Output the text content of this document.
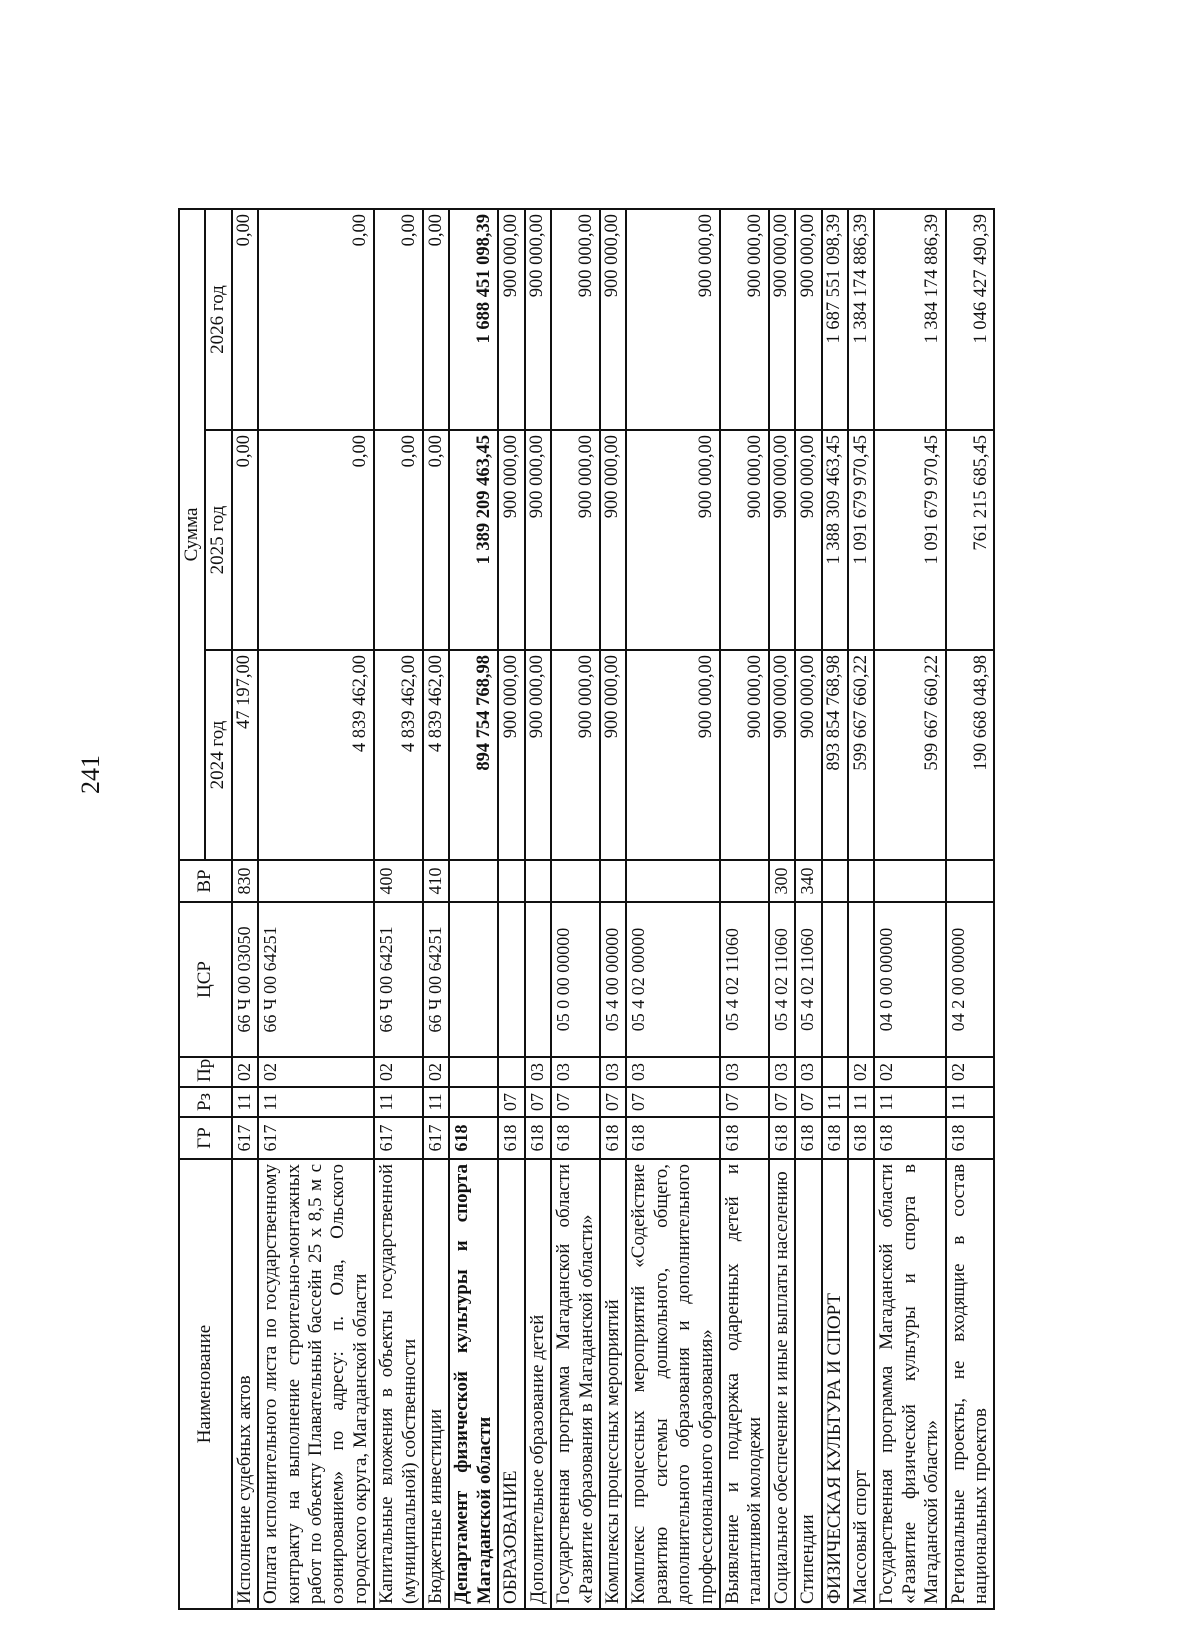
241
Наименование	ГР	Рз	Пр	ЦСР	ВР	Сумма		
						2024 год	2025 год	2026 год
Исполнение судебных актов	617	11	02	66 Ч 00 03050	830	47 197,00	0,00	0,00
Оплата исполнительного листа по государственному контракту на выполнение строительно-монтажных работ по объекту Плавательный бассейн 25 х 8,5 м с озонированием» по адресу: п. Ола, Ольского городского округа, Магаданской области	617	11	02	66 Ч 00 64251		4 839 462,00	0,00	0,00
Капитальные вложения в объекты государственной (муниципальной) собственности	617	11	02	66 Ч 00 64251	400	4 839 462,00	0,00	0,00
Бюджетные инвестиции	617	11	02	66 Ч 00 64251	410	4 839 462,00	0,00	0,00
Департамент физической культуры и спорта Магаданской области	618					894 754 768,98	1 389 209 463,45	1 688 451 098,39
ОБРАЗОВАНИЕ	618	07				900 000,00	900 000,00	900 000,00
Дополнительное образование детей	618	07	03			900 000,00	900 000,00	900 000,00
Государственная программа Магаданской области «Развитие образования в Магаданской области»	618	07	03	05 0 00 00000		900 000,00	900 000,00	900 000,00
Комплексы процессных мероприятий	618	07	03	05 4 00 00000		900 000,00	900 000,00	900 000,00
Комплекс процессных мероприятий «Содействие развитию системы дошкольного, общего, дополнительного образования и дополнительного профессионального образования»	618	07	03	05 4 02 00000		900 000,00	900 000,00	900 000,00
Выявление и поддержка одаренных детей и талантливой молодежи	618	07	03	05 4 02 11060		900 000,00	900 000,00	900 000,00
Социальное обеспечение и иные выплаты населению	618	07	03	05 4 02 11060	300	900 000,00	900 000,00	900 000,00
Стипендии	618	07	03	05 4 02 11060	340	900 000,00	900 000,00	900 000,00
ФИЗИЧЕСКАЯ КУЛЬТУРА И СПОРТ	618	11				893 854 768,98	1 388 309 463,45	1 687 551 098,39
Массовый спорт	618	11	02			599 667 660,22	1 091 679 970,45	1 384 174 886,39
Государственная программа Магаданской области «Развитие физической культуры и спорта в Магаданской области»	618	11	02	04 0 00 00000		599 667 660,22	1 091 679 970,45	1 384 174 886,39
Региональные проекты, не входящие в состав национальных проектов	618	11	02	04 2 00 00000		190 668 048,98	761 215 685,45	1 046 427 490,39
